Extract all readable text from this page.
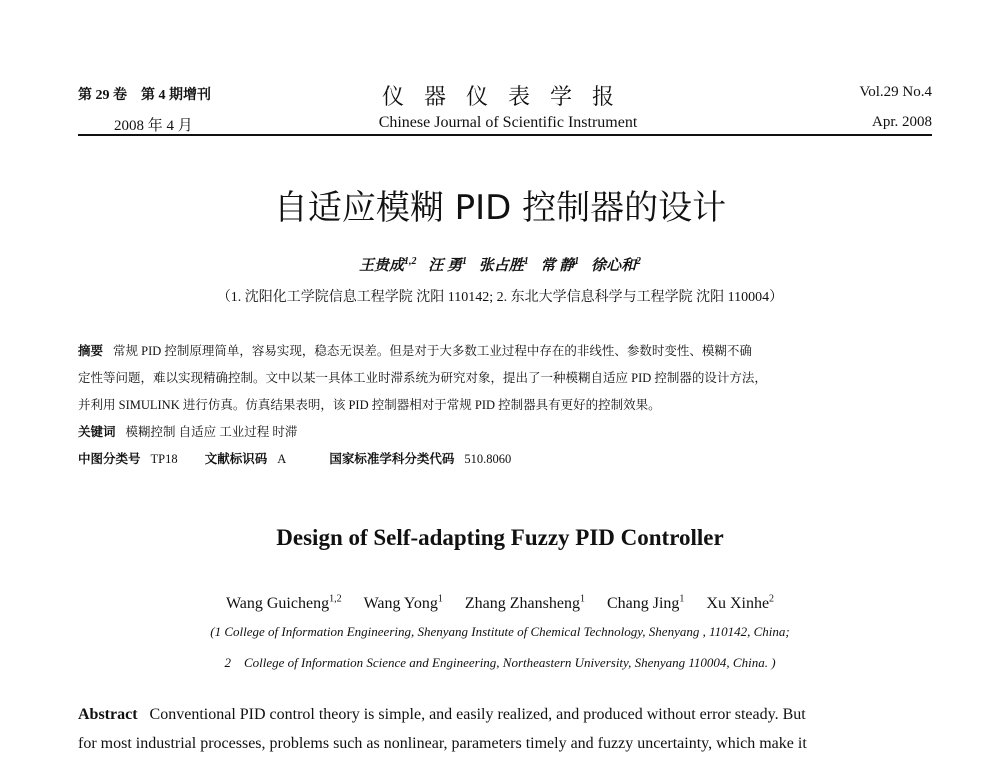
第 29 卷　第 4 期增刊
2008 年 4 月
仪器仪表学报
Chinese Journal of Scientific Instrument
Vol.29 No.4
Apr. 2008
自适应模糊 PID 控制器的设计
王贵成$^{1,2}$ 汪 勇$^1$ 张占胜$^1$ 常 静$^1$ 徐心和$^2$
（1. 沈阳化工学院信息工程学院 沈阳 110142; 2. 东北大学信息科学与工程学院 沈阳 110004）
摘要 常规 PID 控制原理简单，容易实现，稳态无误差。但是对于大多数工业过程中存在的非线性、参数时变性、模糊不确
定性等问题，难以实现精确控制。文中以某一具体工业时滞系统为研究对象，提出了一种模糊自适应 PID 控制器的设计方法，
并利用 SIMULINK 进行仿真。仿真结果表明，该 PID 控制器相对于常规 PID 控制器具有更好的控制效果。
关键词 模糊控制 自适应 工业过程 时滞
中图分类号 TP18 文献标识码 A	国家标准学科分类代码 510.8060
Design of Self-adapting Fuzzy PID Controller
Wang Guicheng$^{1,2}$ Wang Yong$^1$ Zhang Zhansheng$^1$ Chang Jing$^1$ Xu Xinhe$^2$
(1 College of Information Engineering, Shenyang Institute of Chemical Technology, Shenyang , 110142, China;
2　College of Information Science and Engineering, Northeastern University, Shenyang 110004, China. )
Abstract Conventional PID control theory is simple, and easily realized, and produced without error steady. But
for most industrial processes, problems such as nonlinear, parameters timely and fuzzy uncertainty, which make it
